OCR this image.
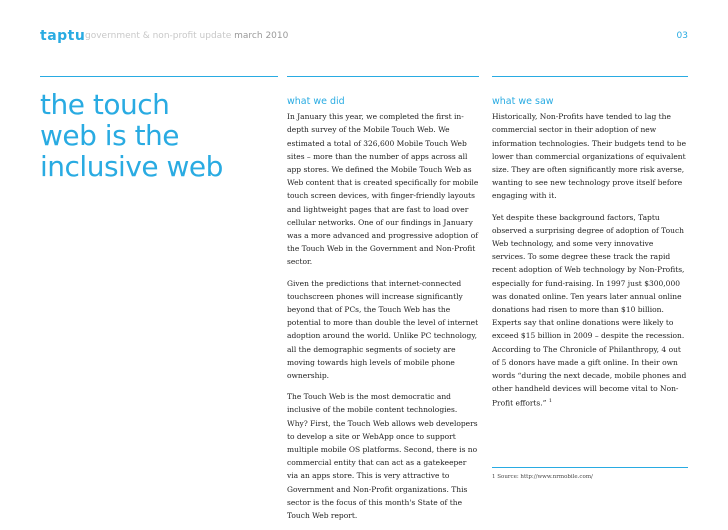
taptu government & non-profit update march 2010	03
the touch
web is the
inclusive web
what we did
In January this year, we completed the first in-depth survey of the Mobile Touch Web. We estimated a total of 326,600 Mobile Touch Web sites – more than the number of apps across all app stores. We defined the Mobile Touch Web as Web content that is created specifically for mobile touch screen devices, with finger-friendly layouts and lightweight pages that are fast to load over cellular networks. One of our findings in January was a more advanced and progressive adoption of the Touch Web in the Government and Non-Profit sector.
Given the predictions that internet-connected touchscreen phones will increase significantly beyond that of PCs, the Touch Web has the potential to more than double the level of internet adoption around the world. Unlike PC technology, all the demographic segments of society are moving towards high levels of mobile phone ownership.
The Touch Web is the most democratic and inclusive of the mobile content technologies. Why? First, the Touch Web allows web developers to develop a site or WebApp once to support multiple mobile OS platforms. Second, there is no commercial entity that can act as a gatekeeper via an apps store. This is very attractive to Government and Non-Profit organizations. This sector is the focus of this month's State of the Touch Web report.
what we saw
Historically, Non-Profits have tended to lag the commercial sector in their adoption of new information technologies. Their budgets tend to be lower than commercial organizations of equivalent size. They are often significantly more risk averse, wanting to see new technology prove itself before engaging with it.
Yet despite these background factors, Taptu observed a surprising degree of adoption of Touch Web technology, and some very innovative services. To some degree these track the rapid recent adoption of Web technology by Non-Profits, especially for fund-raising. In 1997 just $300,000 was donated online. Ten years later annual online donations had risen to more than $10 billion. Experts say that online donations were likely to exceed $15 billion in 2009 – despite the recession. According to The Chronicle of Philanthropy, 4 out of 5 donors have made a gift online. In their own words “during the next decade, mobile phones and other handheld devices will become vital to Non-Profit efforts.” $^1$
1 Source: http://www.nrmobile.com/
